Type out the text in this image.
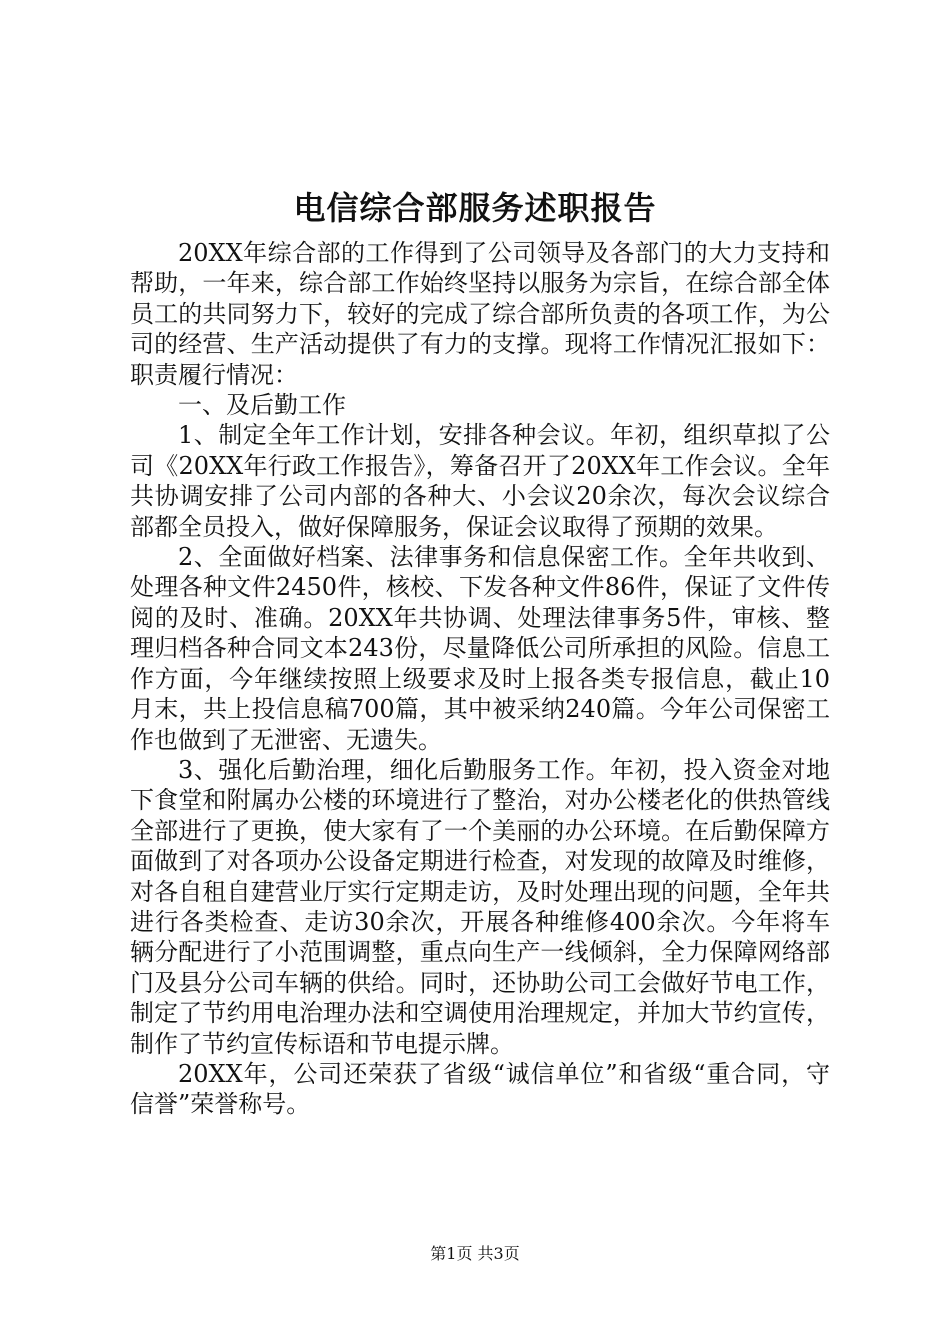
电信综合部服务述职报告

20XX年综合部的工作得到了公司领导及各部门的大力支持和帮助，一年来，综合部工作始终坚持以服务为宗旨，在综合部全体员工的共同努力下，较好的完成了综合部所负责的各项工作，为公司的经营、生产活动提供了有力的支撑。现将工作情况汇报如下：职责履行情况：

一、及后勤工作

1、制定全年工作计划，安排各种会议。年初，组织草拟了公司《20XX年行政工作报告》，筹备召开了20XX年工作会议。全年共协调安排了公司内部的各种大、小会议20余次，每次会议综合部都全员投入，做好保障服务，保证会议取得了预期的效果。

2、全面做好档案、法律事务和信息保密工作。全年共收到、处理各种文件2450件，核校、下发各种文件86件，保证了文件传阅的及时、准确。20XX年共协调、处理法律事务5件，审核、整理归档各种合同文本243份，尽量降低公司所承担的风险。信息工作方面，今年继续按照上级要求及时上报各类专报信息，截止10月末，共上投信息稿700篇，其中被采纳240篇。今年公司保密工作也做到了无泄密、无遗失。

3、强化后勤治理，细化后勤服务工作。年初，投入资金对地下食堂和附属办公楼的环境进行了整治，对办公楼老化的供热管线全部进行了更换，使大家有了一个美丽的办公环境。在后勤保障方面做到了对各项办公设备定期进行检查，对发现的故障及时维修，对各自租自建营业厅实行定期走访，及时处理出现的问题，全年共进行各类检查、走访30余次，开展各种维修400余次。今年将车辆分配进行了小范围调整，重点向生产一线倾斜，全力保障网络部门及县分公司车辆的供给。同时，还协助公司工会做好节电工作，制定了节约用电治理办法和空调使用治理规定，并加大节约宣传，制作了节约宣传标语和节电提示牌。

20XX年，公司还荣获了省级“诚信单位”和省级“重合同，守信誉”荣誉称号。

第1页 共3页
